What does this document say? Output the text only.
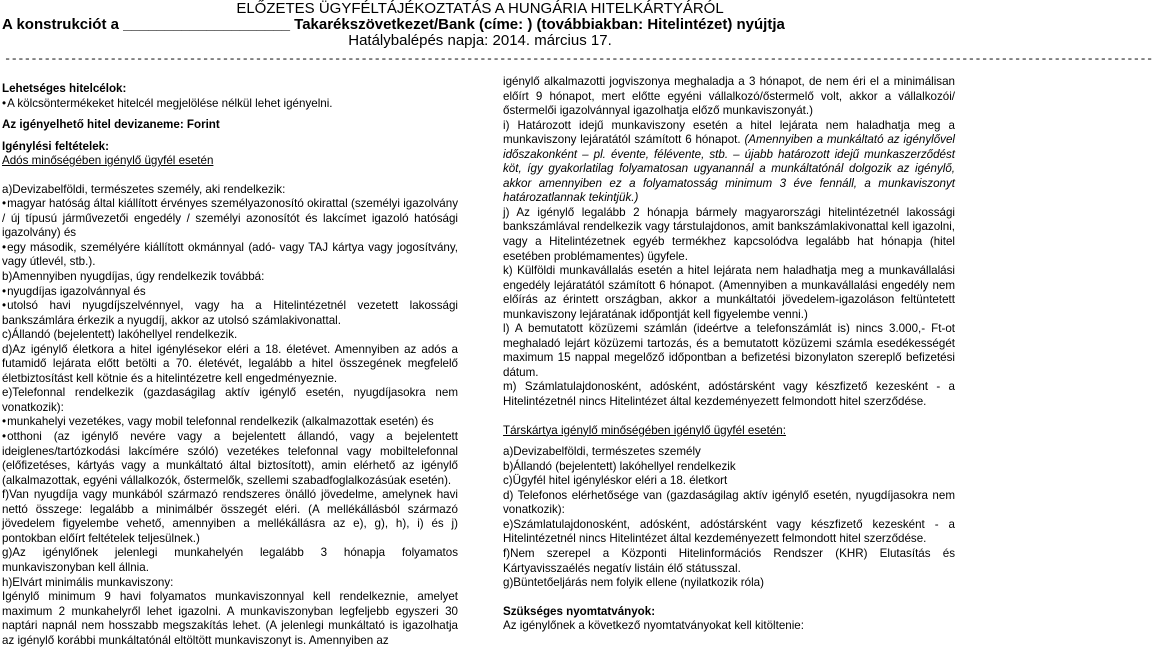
ELŐZETES ÜGYFÉLTÁJÉKOZTATÁS A HUNGÁRIA HITELKÁRTYÁRÓL
A konstrukciót a ____________________ Takarékszövetkezet/Bank (címe: ) (továbbiakban: Hitelintézet) nyújtja
Hatálybalépés napja: 2014. március 17.
------------------------------------------------------------------------------------------------------------------------------------------------------------------------------
Lehetséges hitelcélok:
• A kölcsöntermékeket hitelcél megjelölése nélkül lehet igényelni.
Az igényelhető hitel devizaneme: Forint
Igénylési feltételek:
Adós minőségében igénylő ügyfél esetén

a)Devizabelföldi, természetes személy, aki rendelkezik:

• magyar hatóság által kiállított érvényes személyazonosító okirattal (személyi igazolvány / új típusú járművezetői engedély / személyi azonosítót és lakcímet igazoló hatósági igazolvány) és

• egy második, személyére kiállított okmánnyal (adó- vagy TAJ kártya vagy jogosítvány, vagy útlevél, stb.).

b)Amennyiben nyugdíjas, úgy rendelkezik továbbá:

• nyugdíjas igazolvánnyal és

• utolsó havi nyugdíjszelvénnyel, vagy ha a Hitelintézetnél vezetett lakossági bankszámlára érkezik a nyugdíj, akkor az utolsó számlakivonattal.

c)Állandó (bejelentett) lakóhellyel rendelkezik.

d)Az igénylő életkora a hitel igénylésekor eléri a 18. életévet. Amennyiben az adós a futamidő lejárata előtt betölti a 70. életévét, legalább a hitel összegének megfelelő életbiztosítást kell kötnie és a hitelintézetre kell engedményeznie.

e)Telefonnal rendelkezik (gazdaságilag aktív igénylő esetén, nyugdíjasokra nem vonatkozik):

• munkahelyi vezetékes, vagy mobil telefonnal rendelkezik (alkalmazottak esetén) és

• otthoni (az igénylő nevére vagy a bejelentett állandó, vagy a bejelentett ideiglenes/tartózkodási lakcímére szóló) vezetékes telefonnal vagy mobiltelefonnal (előfizetéses, kártyás vagy a munkáltató által biztosított), amin elérhető az igénylő (alkalmazottak, egyéni vállalkozók, őstermelők, szellemi szabadfoglalkozásúak esetén).

f)Van nyugdíja vagy munkából származó rendszeres önálló jövedelme, amelynek havi nettó összege: legalább a minimálbér összegét eléri. (A mellékállásból származó jövedelem figyelembe vehető, amennyiben a mellékállásra az e), g), h), i) és j) pontokban előírt feltételek teljesülnek.)

g)Az igénylőnek jelenlegi munkahelyén legalább 3 hónapja folyamatos munkaviszonyban kell állnia.

h)Elvárt minimális munkaviszony:

Igénylő minimum 9 havi folyamatos munkaviszonnyal kell rendelkeznie, amelyet maximum 2 munkahelyről lehet igazolni. A munkaviszonyban legfeljebb egyszeri 30 naptári napnál nem hosszabb megszakítás lehet. (A jelenlegi munkáltató is igazolhatja az igénylő korábbi munkáltatónál eltöltött munkaviszonyt is. Amennyiben az

igénylő alkalmazotti jogviszonya meghaladja a 3 hónapot, de nem éri el a minimálisan előírt 9 hónapot, mert előtte egyéni vállalkozó/őstermelő volt, akkor a vállalkozói/őstermelői igazolvánnyal igazolhatja előző munkaviszonyát.)

i) Határozott idejű munkaviszony esetén a hitel lejárata nem haladhatja meg a munkaviszony lejáratától számított 6 hónapot. (Amennyiben a munkáltató az igénylővel időszakonként – pl. évente, félévente, stb. – újabb határozott idejű munkaszerződést köt, így gyakorlatilag folyamatosan ugyanannál a munkáltatónál dolgozik az igénylő, akkor amennyiben ez a folyamatosság minimum 3 éve fennáll, a munkaviszonyt határozatlannak tekintjük.)

j) Az igénylő legalább 2 hónapja bármely magyarországi hitelintézetnél lakossági bankszámlával rendelkezik vagy társtulajdonos, amit bankszámlakivonattal kell igazolni, vagy a Hitelintézetnek egyéb termékhez kapcsolódva legalább hat hónapja (hitel esetében problémamentes) ügyfele.

k) Külföldi munkavállalás esetén a hitel lejárata nem haladhatja meg a munkavállalási engedély lejáratától számított 6 hónapot. (Amennyiben a munkavállalási engedély nem előírás az érintett országban, akkor a munkáltatói jövedelem-igazoláson feltüntetett munkaviszony lejáratának időpontját kell figyelembe venni.)

l) A bemutatott közüzemi számlán (ideértve a telefonszámlát is) nincs 3.000,- Ft-ot meghaladó lejárt közüzemi tartozás, és a bemutatott közüzemi számla esedékességét maximum 15 nappal megelőző időpontban a befizetési bizonylaton szereplő befizetési dátum.

m) Számlatulajdonosként, adósként, adóstársként vagy készfizető kezesként - a Hitelintézetnél nincs Hitelintézet által kezdeményezett felmondott hitel szerződése.

Társkártya igénylő minőségében igénylő ügyfél esetén:

a)Devizabelföldi, természetes személy

b)Állandó (bejelentett) lakóhellyel rendelkezik

c)Ügyfél hitel igényléskor eléri a 18. életkort

d) Telefonos elérhetősége van (gazdaságilag aktív igénylő esetén, nyugdíjasokra nem vonatkozik):

e)Számlatulajdonosként, adósként, adóstársként vagy készfizető kezesként - a Hitelintézetnél nincs Hitelintézet által kezdeményezett felmondott hitel szerződése.

f)Nem szerepel a Központi Hitelinformációs Rendszer (KHR) Elutasítás és Kártyavisszaélés negatív listáin élő státusszal.

g)Büntetőeljárás nem folyik ellene (nyilatkozik róla)

Szükséges nyomtatványok:
Az igénylőnek a következő nyomtatványokat kell kitöltenie:
